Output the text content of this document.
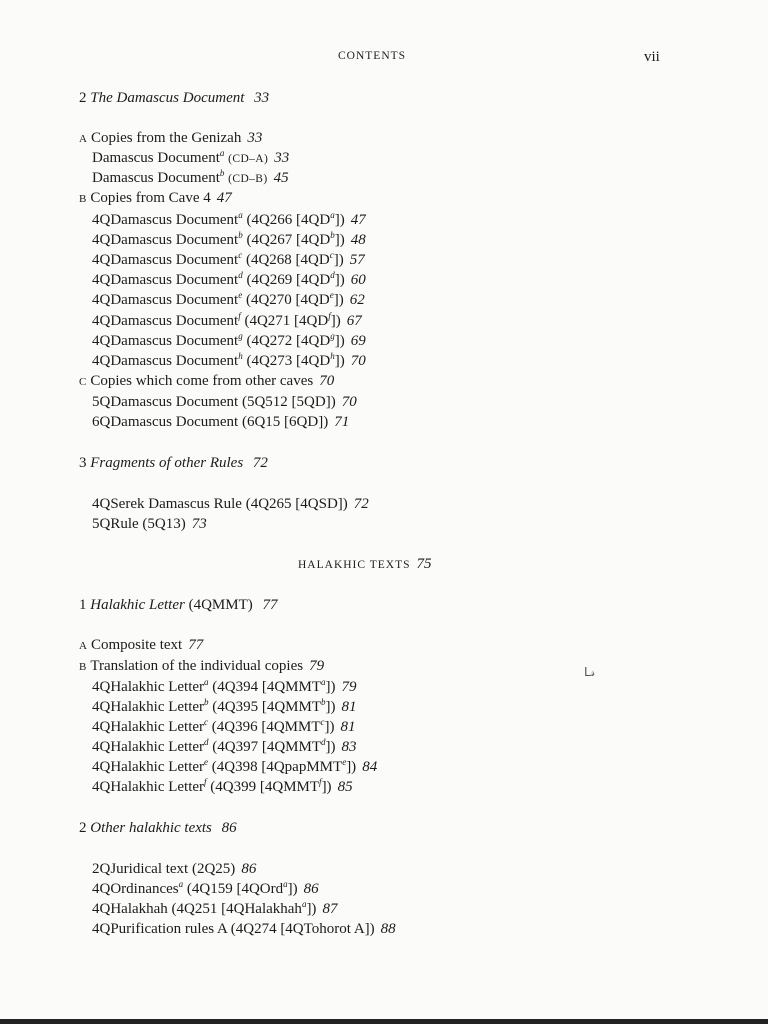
CONTENTS	vii
2 The Damascus Document 33
A Copies from the Genizah 33
Damascus Document$^a$ (CD–A) 33
Damascus Document$^b$ (CD–B) 45
B Copies from Cave 4 47
4QDamascus Document$^a$ (4Q266 $[4QD^a]$) 47
4QDamascus Document$^b$ (4Q267 $[4QD^b]$) 48
4QDamascus Document$^c$ (4Q268 $[4QD^c]$) 57
4QDamascus Document$^d$ (4Q269 $[4QD^d]$) 60
4QDamascus Document$^e$ (4Q270 $[4QD^e]$) 62
4QDamascus Document$^f$ (4Q271 $[4QD^f]$) 67
4QDamascus Document$^g$ (4Q272 $[4QD^g]$) 69
4QDamascus Document$^h$ (4Q273 $[4QD^h]$) 70
C Copies which come from other caves 70
5QDamascus Document (5Q512 [5QD]) 70
6QDamascus Document (6Q15 [6QD]) 71
3 Fragments of other Rules 72
4QSerek Damascus Rule (4Q265 [4QSD]) 72
5QRule (5Q13) 73
HALAKHIC TEXTS 75
1 Halakhic Letter (4QMMT) 77
A Composite text 77
B Translation of the individual copies 79
4QHalakhic Letter$^a$ (4Q394 [4QMMT$^a$]) 79
4QHalakhic Letter$^b$ (4Q395 [4QMMT$^b$]) 81
4QHalakhic Letter$^c$ (4Q396 [4QMMT$^c$]) 81
4QHalakhic Letter$^d$ (4Q397 [4QMMT$^d$]) 83
4QHalakhic Letter$^e$ (4Q398 [4QpapMMT$^e$]) 84
4QHalakhic Letter$^f$ (4Q399 [4QMMT$^f$]) 85
2 Other halakhic texts 86
2QJuridical text (2Q25) 86
4QOrdinances$^a$ (4Q159 [4QOrd$^a$]) 86
4QHalakhah (4Q251 [4QHalakhah$^a$]) 87
4QPurification rules A (4Q274 [4QTohorot A]) 88
ᒪ𝓈
